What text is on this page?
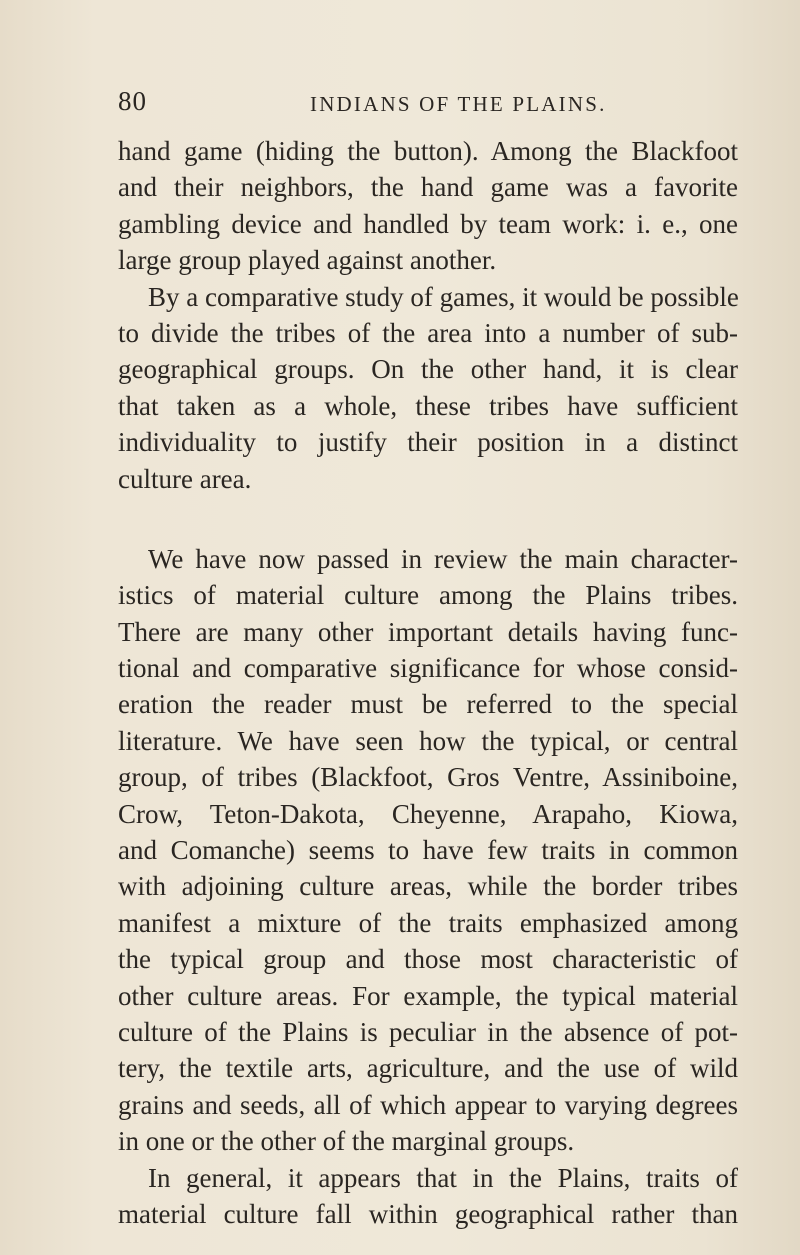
80	INDIANS OF THE PLAINS.
hand game (hiding the button). Among the Blackfoot
and their neighbors, the hand game was a favorite
gambling device and handled by team work: i. e., one
large group played against another.
By a comparative study of games, it would be possible
to divide the tribes of the area into a number of sub-
geographical groups. On the other hand, it is clear
that taken as a whole, these tribes have sufficient
individuality to justify their position in a distinct
culture area.
We have now passed in review the main character-
istics of material culture among the Plains tribes.
There are many other important details having func-
tional and comparative significance for whose consid-
eration the reader must be referred to the special
literature. We have seen how the typical, or central
group, of tribes (Blackfoot, Gros Ventre, Assiniboine,
Crow, Teton-Dakota, Cheyenne, Arapaho, Kiowa,
and Comanche) seems to have few traits in common
with adjoining culture areas, while the border tribes
manifest a mixture of the traits emphasized among
the typical group and those most characteristic of
other culture areas. For example, the typical material
culture of the Plains is peculiar in the absence of pot-
tery, the textile arts, agriculture, and the use of wild
grains and seeds, all of which appear to varying degrees
in one or the other of the marginal groups.
In general, it appears that in the Plains, traits of
material culture fall within geographical rather than
